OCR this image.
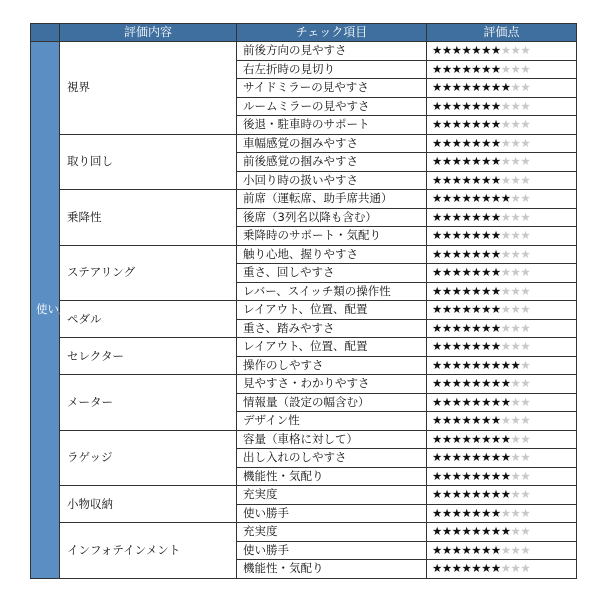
	評価内容	チェック項目	評価点
使い勝手	視界	前後方向の見やすさ	★★★★★★★★★★
		右左折時の見切り	★★★★★★★★★★
		サイドミラーの見やすさ	★★★★★★★★★★
		ルームミラーの見やすさ	★★★★★★★★★★
		後退・駐車時のサポート	★★★★★★★★★★
	取り回し	車幅感覚の掴みやすさ	★★★★★★★★★★
		前後感覚の掴みやすさ	★★★★★★★★★★
		小回り時の扱いやすさ	★★★★★★★★★★
	乗降性	前席（運転席、助手席共通）	★★★★★★★★★★
		後席（3列名以降も含む）	★★★★★★★★★★
		乗降時のサポート・気配り	★★★★★★★★★★
	ステアリング	触り心地、握りやすさ	★★★★★★★★★★
		重さ、回しやすさ	★★★★★★★★★★
		レバー、スイッチ類の操作性	★★★★★★★★★★
	ペダル	レイアウト、位置、配置	★★★★★★★★★★
		重さ、踏みやすさ	★★★★★★★★★★
	セレクター	レイアウト、位置、配置	★★★★★★★★★★
		操作のしやすさ	★★★★★★★★★★
	メーター	見やすさ・わかりやすさ	★★★★★★★★★★
		情報量（設定の幅含む）	★★★★★★★★★★
		デザイン性	★★★★★★★★★★
	ラゲッジ	容量（車格に対して）	★★★★★★★★★★
		出し入れのしやすさ	★★★★★★★★★★
		機能性・気配り	★★★★★★★★★★
	小物収納	充実度	★★★★★★★★★★
		使い勝手	★★★★★★★★★★
	インフォテインメント	充実度	★★★★★★★★★★
		使い勝手	★★★★★★★★★★
		機能性・気配り	★★★★★★★★★★
